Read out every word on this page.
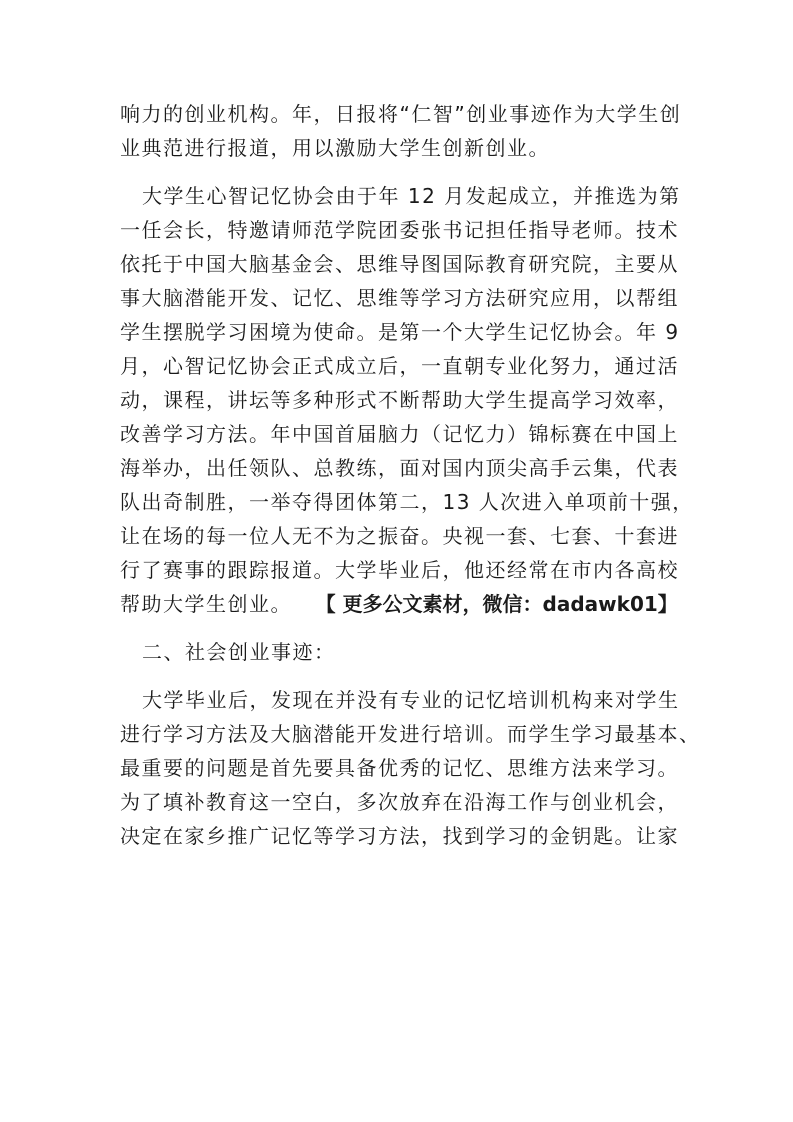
响力的创业机构。年，日报将“仁智”创业事迹作为大学生创
业典范进行报道，用以激励大学生创新创业。
大学生心智记忆协会由于年 12 月发起成立，并推选为第
一任会长，特邀请师范学院团委张书记担任指导老师。技术
依托于中国大脑基金会、思维导图国际教育研究院，主要从
事大脑潜能开发、记忆、思维等学习方法研究应用，以帮组
学生摆脱学习困境为使命。是第一个大学生记忆协会。年 9
月，心智记忆协会正式成立后，一直朝专业化努力，通过活
动，课程，讲坛等多种形式不断帮助大学生提高学习效率，
改善学习方法。年中国首届脑力（记忆力）锦标赛在中国上
海举办，出任领队、总教练，面对国内顶尖高手云集，代表
队出奇制胜，一举夺得团体第二，13 人次进入单项前十强，
让在场的每一位人无不为之振奋。央视一套、七套、十套进
行了赛事的跟踪报道。大学毕业后，他还经常在市内各高校
帮助大学生创业。 【 更多公文素材，微信：dadawk01】
二、社会创业事迹：
大学毕业后，发现在并没有专业的记忆培训机构来对学生
进行学习方法及大脑潜能开发进行培训。而学生学习最基本、
最重要的问题是首先要具备优秀的记忆、思维方法来学习。
为了填补教育这一空白，多次放弃在沿海工作与创业机会，
决定在家乡推广记忆等学习方法，找到学习的金钥匙。让家
